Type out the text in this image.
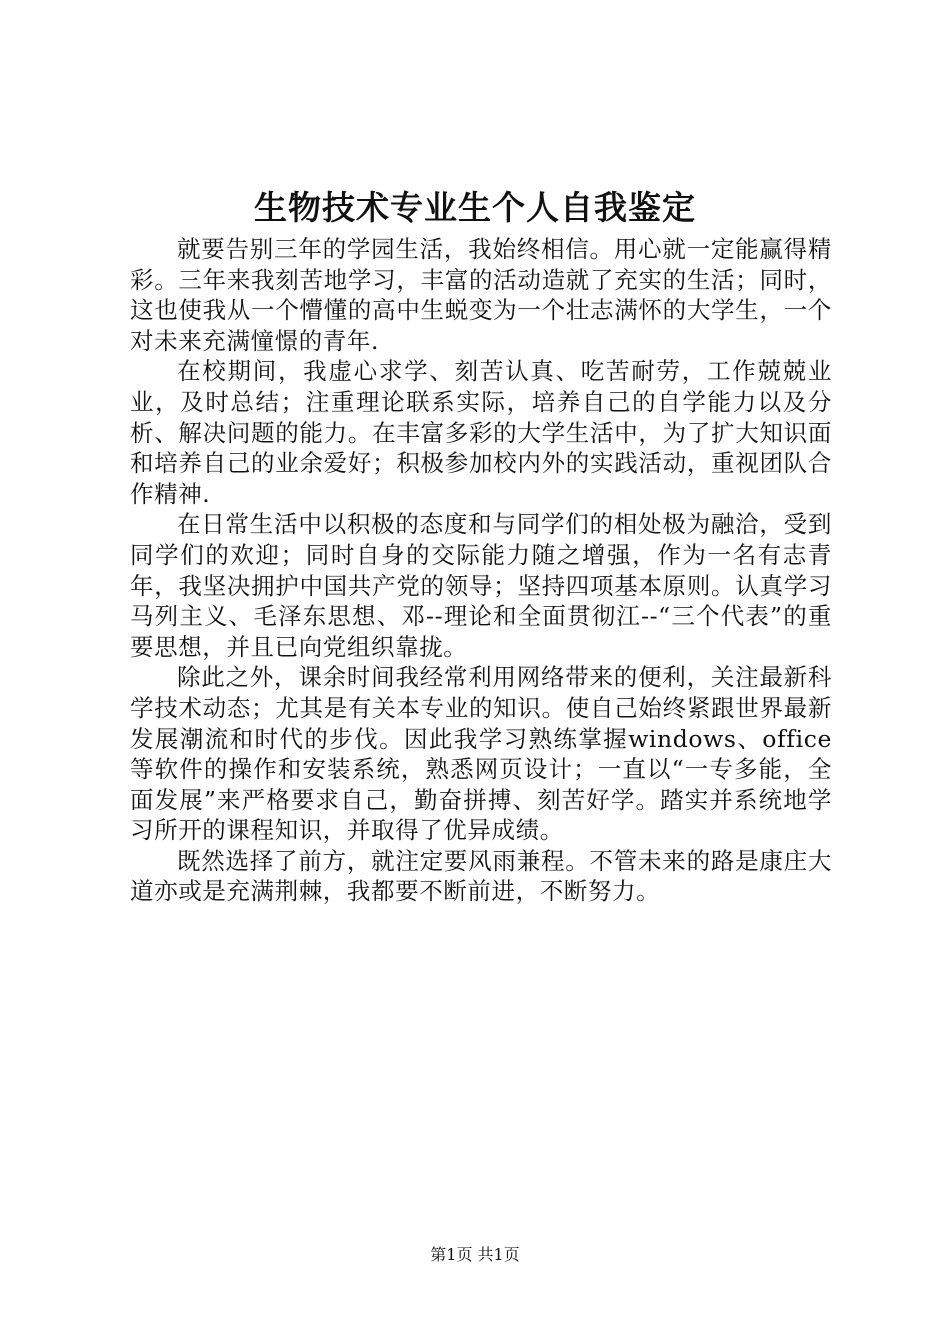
生物技术专业生个人自我鉴定

就要告别三年的学园生活，我始终相信。用心就一定能赢得精彩。三年来我刻苦地学习，丰富的活动造就了充实的生活；同时，这也使我从一个懵懂的高中生蜕变为一个壮志满怀的大学生，一个对未来充满憧憬的青年.

在校期间，我虚心求学、刻苦认真、吃苦耐劳，工作兢兢业业，及时总结；注重理论联系实际，培养自己的自学能力以及分析、解决问题的能力。在丰富多彩的大学生活中，为了扩大知识面和培养自己的业余爱好；积极参加校内外的实践活动，重视团队合作精神.

在日常生活中以积极的态度和与同学们的相处极为融洽，受到同学们的欢迎；同时自身的交际能力随之增强，作为一名有志青年，我坚决拥护中国共产党的领导；坚持四项基本原则。认真学习马列主义、毛泽东思想、邓--理论和全面贯彻江--“三个代表”的重要思想，并且已向党组织靠拢。

除此之外，课余时间我经常利用网络带来的便利，关注最新科学技术动态；尤其是有关本专业的知识。使自己始终紧跟世界最新发展潮流和时代的步伐。因此我学习熟练掌握windows、office等软件的操作和安装系统，熟悉网页设计；一直以“一专多能，全面发展”来严格要求自己，勤奋拼搏、刻苦好学。踏实并系统地学习所开的课程知识，并取得了优异成绩。

既然选择了前方，就注定要风雨兼程。不管未来的路是康庄大道亦或是充满荆棘，我都要不断前进，不断努力。

第1页 共1页
